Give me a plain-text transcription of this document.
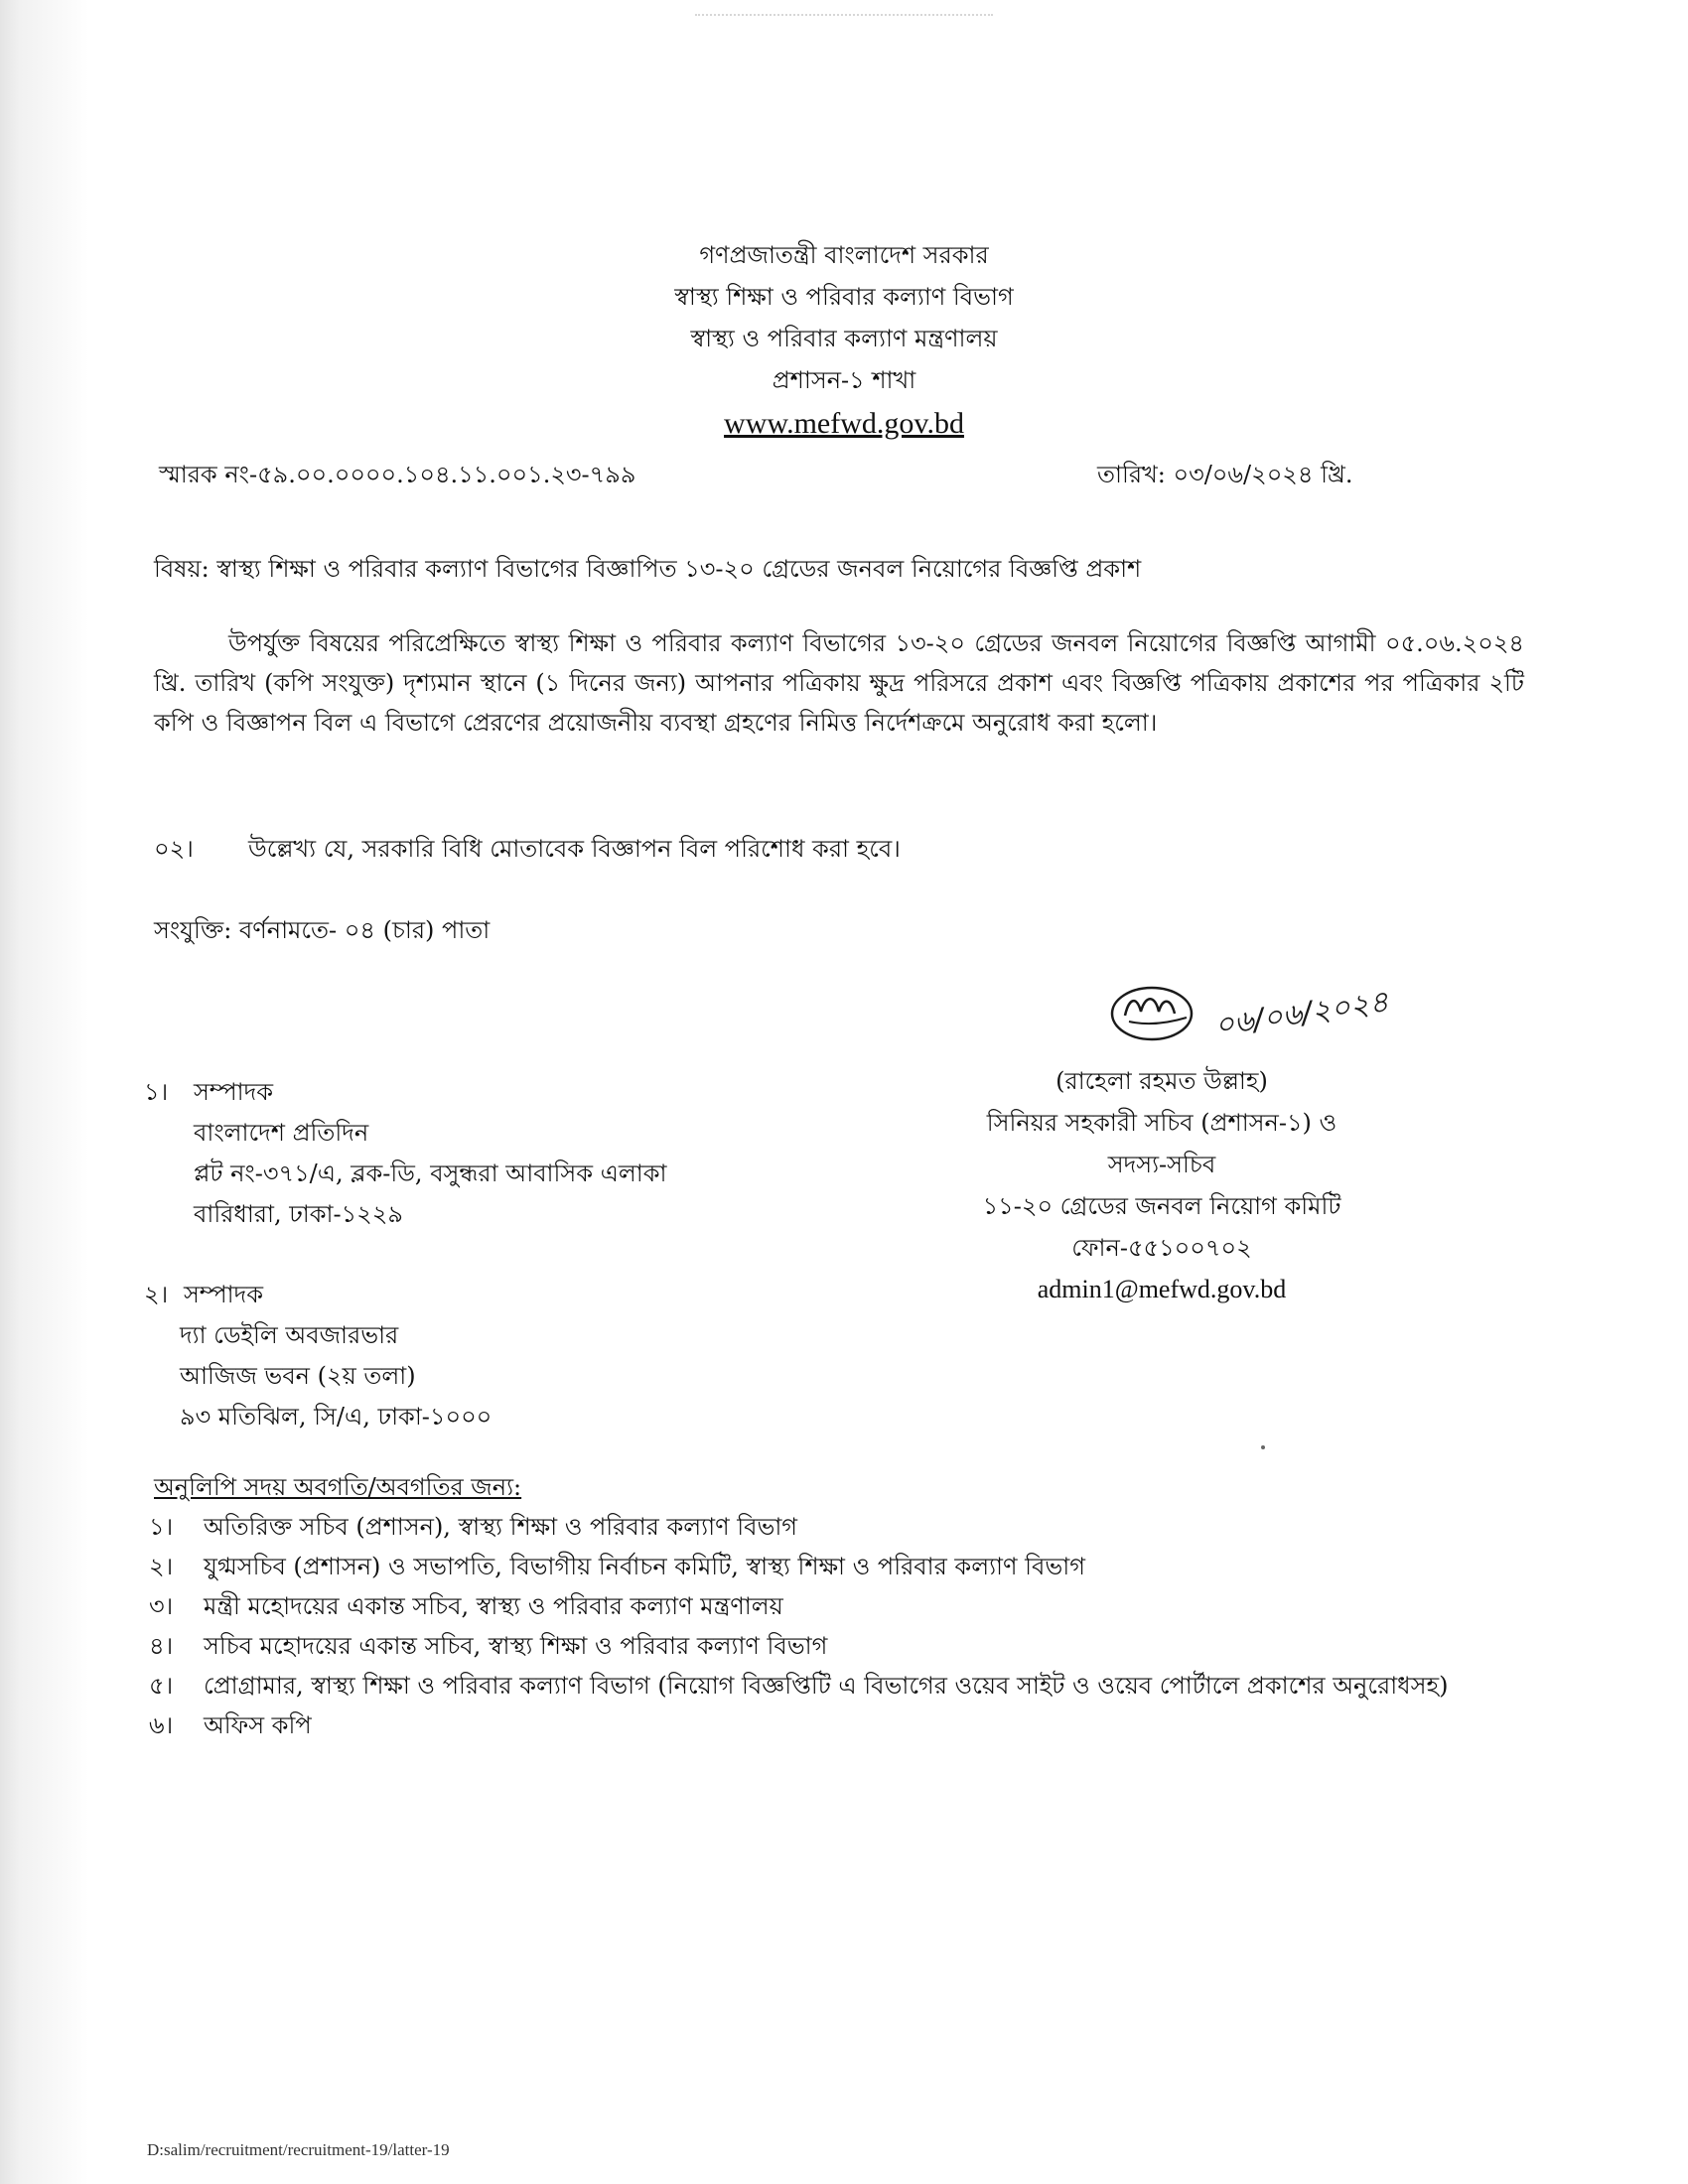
গণপ্রজাতন্ত্রী বাংলাদেশ সরকার
স্বাস্থ্য শিক্ষা ও পরিবার কল্যাণ বিভাগ
স্বাস্থ্য ও পরিবার কল্যাণ মন্ত্রণালয়
প্রশাসন-১ শাখা
www.mefwd.gov.bd
স্মারক নং-৫৯.০০.০০০০.১০৪.১১.০০১.২৩-৭৯৯	তারিখ: ০৩/০৬/২০২৪ খ্রি.
বিষয়: স্বাস্থ্য শিক্ষা ও পরিবার কল্যাণ বিভাগের বিজ্ঞাপিত ১৩-২০ গ্রেডের জনবল নিয়োগের বিজ্ঞপ্তি প্রকাশ
উপর্যুক্ত বিষয়ের পরিপ্রেক্ষিতে স্বাস্থ্য শিক্ষা ও পরিবার কল্যাণ বিভাগের ১৩-২০ গ্রেডের জনবল নিয়োগের বিজ্ঞপ্তি আগামী ০৫.০৬.২০২৪ খ্রি. তারিখ (কপি সংযুক্ত) দৃশ্যমান স্থানে (১ দিনের জন্য) আপনার পত্রিকায় ক্ষুদ্র পরিসরে প্রকাশ এবং বিজ্ঞপ্তি পত্রিকায় প্রকাশের পর পত্রিকার ২টি কপি ও বিজ্ঞাপন বিল এ বিভাগে প্রেরণের প্রয়োজনীয় ব্যবস্থা গ্রহণের নিমিত্ত নির্দেশক্রমে অনুরোধ করা হলো।
০২। উল্লেখ্য যে, সরকারি বিধি মোতাবেক বিজ্ঞাপন বিল পরিশোধ করা হবে।
সংযুক্তি: বর্ণনামতে- ০৪ (চার) পাতা
০৬/০৬/২০২৪
১। সম্পাদক
বাংলাদেশ প্রতিদিন
প্লট নং-৩৭১/এ, ব্লক-ডি, বসুন্ধরা আবাসিক এলাকা
বারিধারা, ঢাকা-১২২৯
(রাহেলা রহমত উল্লাহ)
সিনিয়র সহকারী সচিব (প্রশাসন-১) ও
সদস্য-সচিব
১১-২০ গ্রেডের জনবল নিয়োগ কমিটি
ফোন-৫৫১০০৭০২
admin1@mefwd.gov.bd
২। সম্পাদক
দ্যা ডেইলি অবজারভার
আজিজ ভবন (২য় তলা)
৯৩ মতিঝিল, সি/এ, ঢাকা-১০০০
অনুলিপি সদয় অবগতি/অবগতির জন্য:
১।	অতিরিক্ত সচিব (প্রশাসন), স্বাস্থ্য শিক্ষা ও পরিবার কল্যাণ বিভাগ
২।	যুগ্মসচিব (প্রশাসন) ও সভাপতি, বিভাগীয় নির্বাচন কমিটি, স্বাস্থ্য শিক্ষা ও পরিবার কল্যাণ বিভাগ
৩।	মন্ত্রী মহোদয়ের একান্ত সচিব, স্বাস্থ্য ও পরিবার কল্যাণ মন্ত্রণালয়
৪।	সচিব মহোদয়ের একান্ত সচিব, স্বাস্থ্য শিক্ষা ও পরিবার কল্যাণ বিভাগ
৫।	প্রোগ্রামার, স্বাস্থ্য শিক্ষা ও পরিবার কল্যাণ বিভাগ (নিয়োগ বিজ্ঞপ্তিটি এ বিভাগের ওয়েব সাইট ও ওয়েব পোর্টালে প্রকাশের অনুরোধসহ)
৬।	অফিস কপি
D:salim/recruitment/recruitment-19/latter-19
